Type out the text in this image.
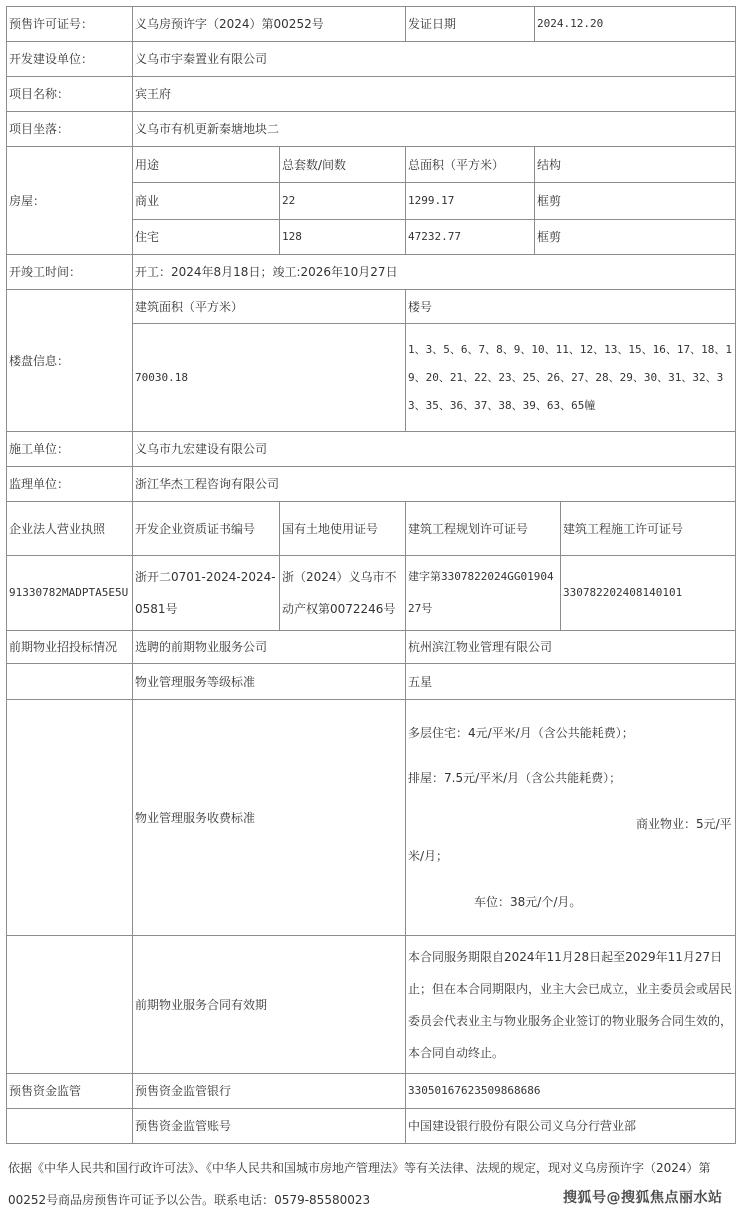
预售许可证号：	义乌房预许字（2024）第00252号		发证日期	2024.12.20	
开发建设单位：	义乌市宇秦置业有限公司				
项目名称：	宾王府				
项目坐落：	义乌市有机更新秦塘地块二				
房屋：	用途	总套数/间数	总面积（平方米）	结构	
	商业	22	1299.17	框剪	
	住宅	128	47232.77	框剪	
开竣工时间：	开工：2024年8月18日；竣工:2026年10月27日				
楼盘信息：	建筑面积（平方米）		楼号		
	70030.18		1、3、5、6、7、8、9、10、11、12、13、15、16、17、18、19、20、21、22、23、25、26、27、28、29、30、31、32、33、35、36、37、38、39、63、65幢		
施工单位：	义乌市九宏建设有限公司				
监理单位：	浙江华杰工程咨询有限公司				
企业法人营业执照	开发企业资质证书编号	国有土地使用证号	建筑工程规划许可证号		建筑工程施工许可证号
91330782MADPTA5E5U	浙开二0701-2024-2024-0581号	浙（2024）义乌市不动产权第0072246号	建字第3307822024GG0190427号		330782202408140101
前期物业招投标情况	选聘的前期物业服务公司		杭州滨江物业管理有限公司		
	物业管理服务等级标准		五星		
	物业管理服务收费标准		多层住宅：4元/平米/月（含公共能耗费）；
排屋：7.5元/平米/月（含公共能耗费）；
商业物业：5元/平米/月；
车位：38元/个/月。		

	前期物业服务合同有效期		本合同服务期限自2024年11月28日起至2029年11月27日止；但在本合同期限内，业主大会已成立，业主委员会或居民委员会代表业主与物业服务企业签订的物业服务合同生效的，本合同自动终止。		
预售资金监管	预售资金监管银行		33050167623509868686		
	预售资金监管账号		中国建设银行股份有限公司义乌分行营业部		
依据《中华人民共和国行政许可法》、《中华人民共和国城市房地产管理法》等有关法律、法规的规定，现对义乌房预许字（2024）第00252号商品房预售许可证予以公告。联系电话：0579-85580023	搜狐号@搜狐焦点丽水站
